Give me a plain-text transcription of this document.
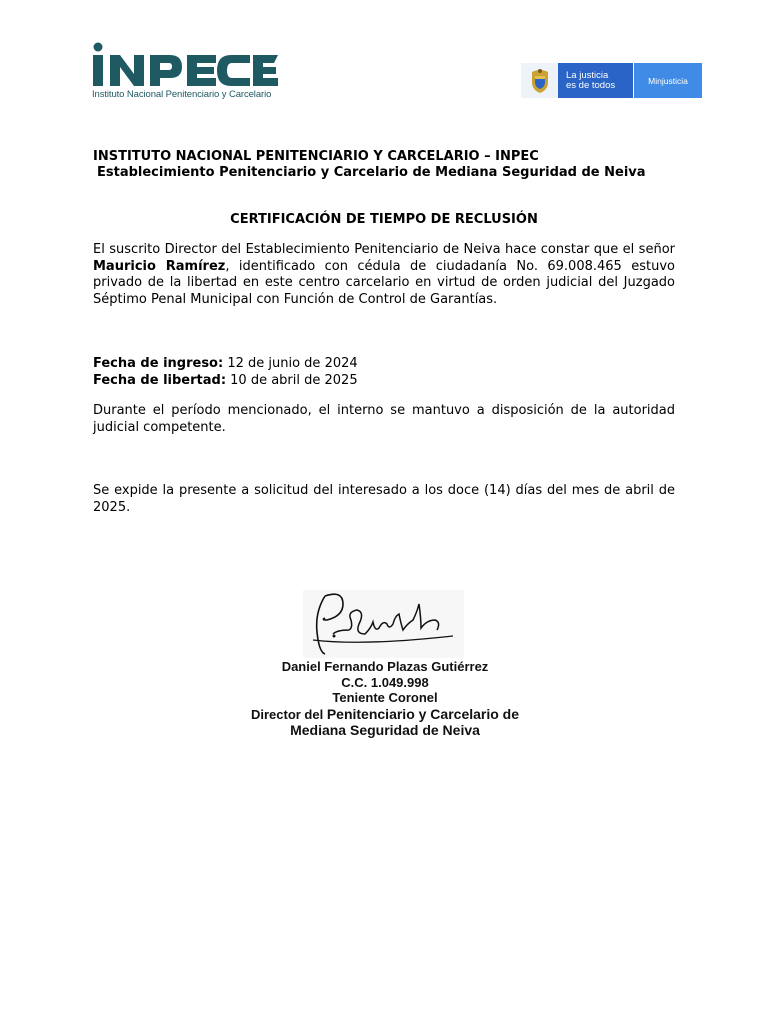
Instituto Nacional Penitenciario y Carcelario
La justicia
es de todos	Minjusticia
INSTITUTO NACIONAL PENITENCIARIO Y CARCELARIO – INPEC
Establecimiento Penitenciario y Carcelario de Mediana Seguridad de Neiva
CERTIFICACIÓN DE TIEMPO DE RECLUSIÓN
El suscrito Director del Establecimiento Penitenciario de Neiva hace constar que el señor Mauricio Ramírez, identificado con cédula de ciudadanía No. 69.008.465 estuvo privado de la libertad en este centro carcelario en virtud de orden judicial del Juzgado Séptimo Penal Municipal con Función de Control de Garantías.
Fecha de ingreso: 12 de junio de 2024
Fecha de libertad: 10 de abril de 2025
Durante el período mencionado, el interno se mantuvo a disposición de la autoridad judicial competente.
Se expide la presente a solicitud del interesado a los doce (14) días del mes de abril de 2025.
Daniel Fernando Plazas Gutiérrez
C.C. 1.049.998
Teniente Coronel
Director del Penitenciario y Carcelario de
Mediana Seguridad de Neiva
